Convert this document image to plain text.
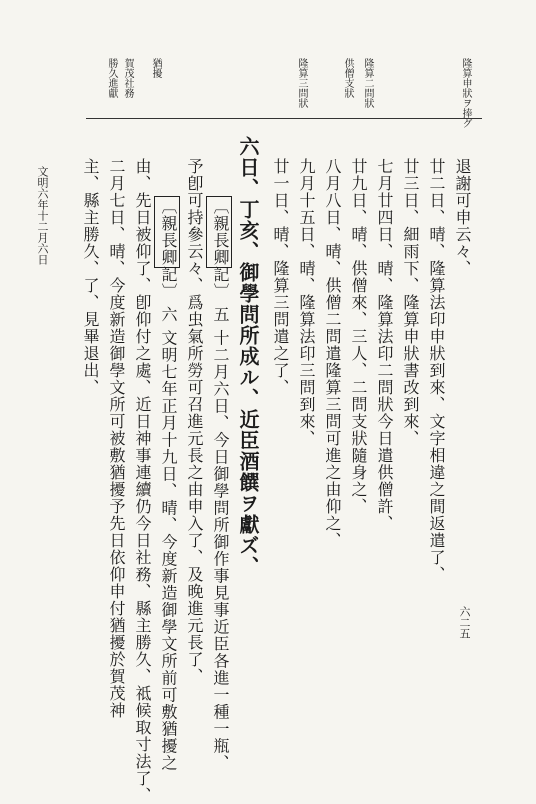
隆算申狀ヲ捧グ
隆算二問狀
供僧支狀
隆算三問狀
猶擾
賀茂社務
勝久進獻
退謝可申云々、
廿二日、晴、隆算法印申狀到來、文字相違之間返遣了、
廿三日、細雨下、隆算申狀書改到來、
七月廿四日、晴、隆算法印二問狀今日遣供僧許、
廿九日、晴、供僧來、三人、二問支狀隨身之、
八月八日、晴、供僧二問遣隆算三問可進之由仰之、
九月十五日、晴、隆算法印三問到來、
廿一日、晴、隆算三問遣之了、
六日、丁亥、御學問所成ル、近臣酒饌ヲ獻ズ、
〔親長卿記〕 五 十二月六日、今日御學問所御作事見事近臣各進一種一瓶、
予卽可持參云々、爲虫氣所勞可召進元長之由申入了、及晚進元長了、
〔親長卿記〕 六 文明七年正月十九日、晴、今度新造御學文所前可敷猶擾之
由、先日被仰了、卽仰付之處、近日神事連續仍今日社務、縣主勝久、祗候取寸法了、
二月七日、晴、今度新造御學文所可被敷猶擾予先日依仰申付猶擾於賀茂神
主、縣主勝久、了、見畢退出、
文明六年十二月六日
六二五
